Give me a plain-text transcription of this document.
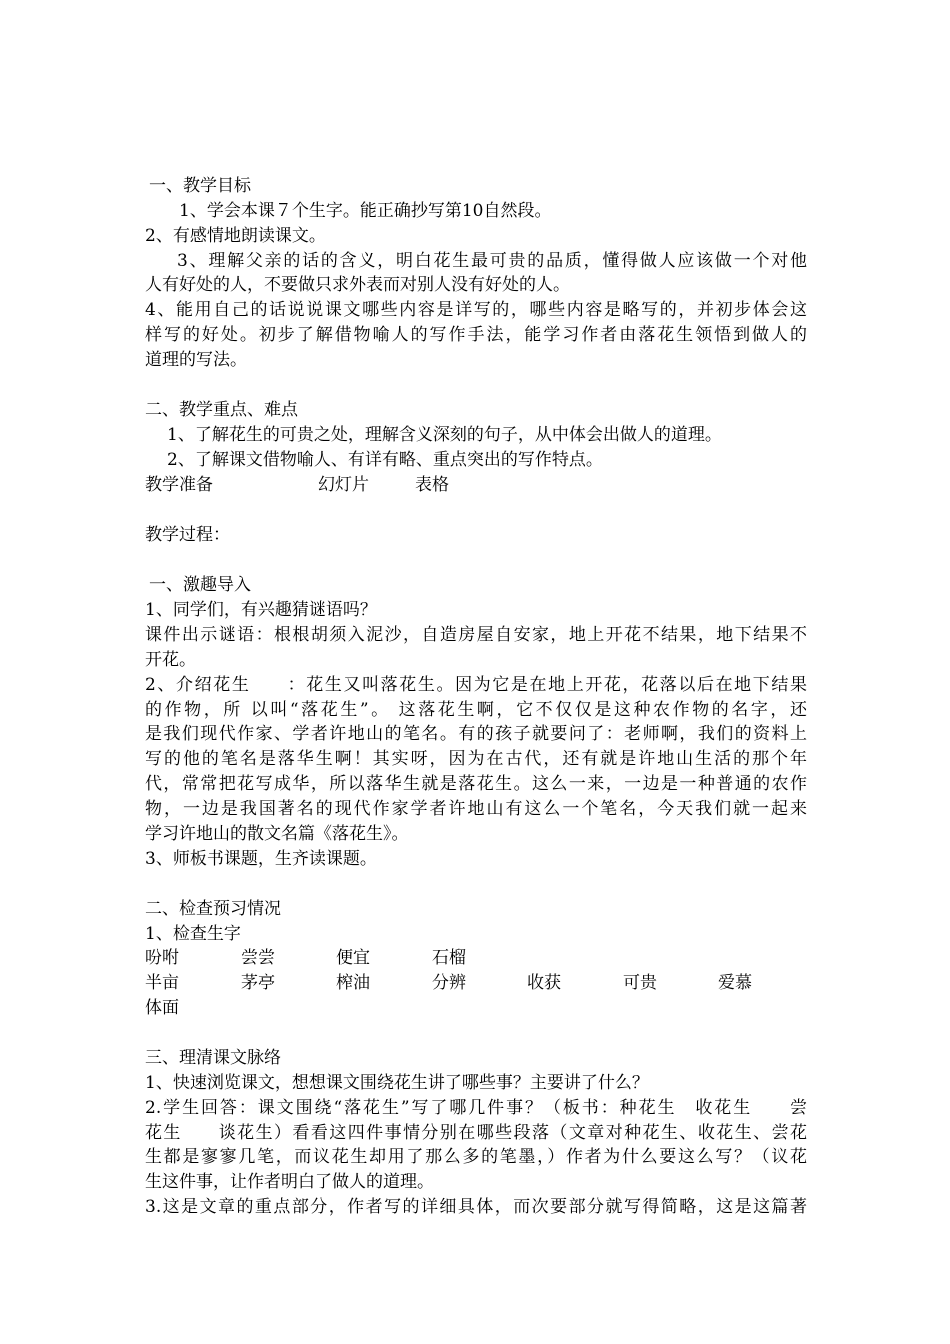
一、教学目标
1、学会本课７个生字。能正确抄写第10自然段。
2、有感情地朗读课文。
3、理解父亲的话的含义，明白花生最可贵的品质，懂得做人应该做一个对他
人有好处的人，不要做只求外表而对别人没有好处的人。
4、能用自己的话说说课文哪些内容是详写的，哪些内容是略写的，并初步体会这
样写的好处。初步了解借物喻人的写作手法，能学习作者由落花生领悟到做人的
道理的写法。
二、教学重点、难点
1、了解花生的可贵之处，理解含义深刻的句子，从中体会出做人的道理。
2、了解课文借物喻人、有详有略、重点突出的写作特点。
教学准备	幻灯片	表格
教学过程：
一、激趣导入
1、同学们，有兴趣猜谜语吗？
课件出示谜语：根根胡须入泥沙，自造房屋自安家，地上开花不结果，地下结果不
开花。
2、介绍花生　　：花生又叫落花生。因为它是在地上开花，花落以后在地下结果
的作物，所 以叫“落花生”。 这落花生啊，它不仅仅是这种农作物的名字，还
是我们现代作家、学者许地山的笔名。有的孩子就要问了：老师啊，我们的资料上
写的他的笔名是落华生啊！其实呀，因为在古代，还有就是许地山生活的那个年
代，常常把花写成华，所以落华生就是落花生。这么一来，一边是一种普通的农作
物，一边是我国著名的现代作家学者许地山有这么一个笔名，今天我们就一起来
学习许地山的散文名篇《落花生》。
3、师板书课题，生齐读课题。
二、检查预习情况
1、检查生字
吩咐	尝尝	便宜	石榴
半亩	茅亭	榨油	分辨	收获	可贵	爱慕
体面
三、理清课文脉络
1、快速浏览课文，想想课文围绕花生讲了哪些事？主要讲了什么？
2.学生回答：课文围绕“落花生”写了哪几件事？（板书：种花生　收花生　　尝
花生　　谈花生）看看这四件事情分别在哪些段落（文章对种花生、收花生、尝花
生都是寥寥几笔，而议花生却用了那么多的笔墨，）作者为什么要这么写？（议花
生这件事，让作者明白了做人的道理。
3.这是文章的重点部分，作者写的详细具体，而次要部分就写得简略，这是这篇著
